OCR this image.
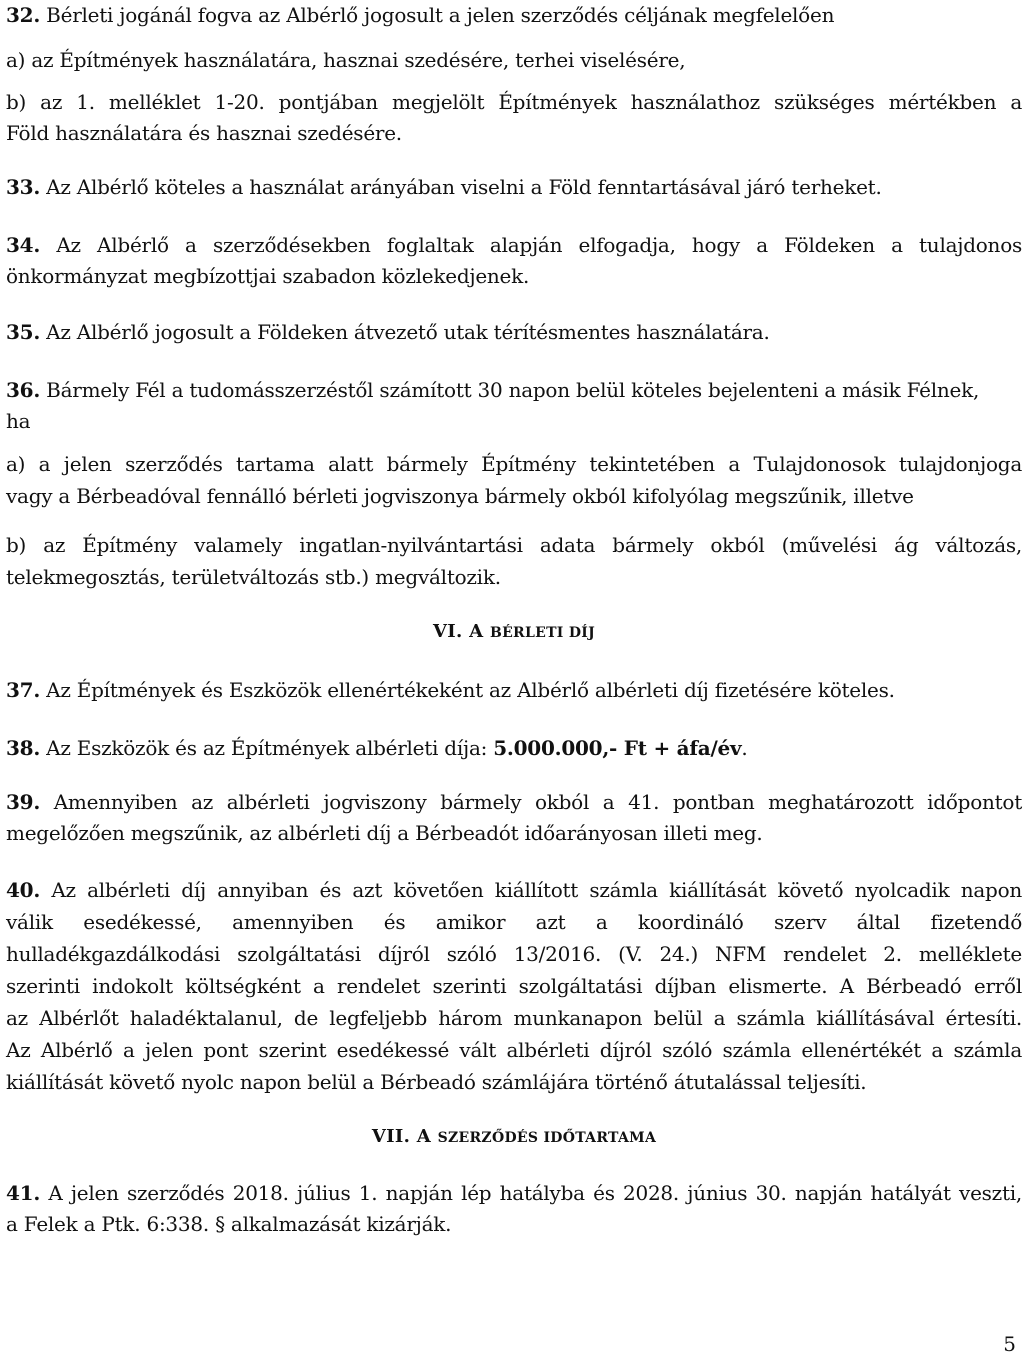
32. Bérleti jogánál fogva az Albérlő jogosult a jelen szerződés céljának megfelelően
a) az Építmények használatára, hasznai szedésére, terhei viselésére,
b) az 1. melléklet 1-20. pontjában megjelölt Építmények használathoz szükséges mértékben a
Föld használatára és hasznai szedésére.
33. Az Albérlő köteles a használat arányában viselni a Föld fenntartásával járó terheket.
34. Az Albérlő a szerződésekben foglaltak alapján elfogadja, hogy a Földeken a tulajdonos
önkormányzat megbízottjai szabadon közlekedjenek.
35. Az Albérlő jogosult a Földeken átvezető utak térítésmentes használatára.
36. Bármely Fél a tudomásszerzéstől számított 30 napon belül köteles bejelenteni a másik Félnek,
ha
a) a jelen szerződés tartama alatt bármely Építmény tekintetében a Tulajdonosok tulajdonjoga
vagy a Bérbeadóval fennálló bérleti jogviszonya bármely okból kifolyólag megszűnik, illetve
b) az Építmény valamely ingatlan-nyilvántartási adata bármely okból (művelési ág változás,
telekmegosztás, területváltozás stb.) megváltozik.
VI. A BÉRLETI DÍJ
37. Az Építmények és Eszközök ellenértékeként az Albérlő albérleti díj fizetésére köteles.
38. Az Eszközök és az Építmények albérleti díja: 5.000.000,- Ft + áfa/év.
39. Amennyiben az albérleti jogviszony bármely okból a 41. pontban meghatározott időpontot
megelőzően megszűnik, az albérleti díj a Bérbeadót időarányosan illeti meg.
40. Az albérleti díj annyiban és azt követően kiállított számla kiállítását követő nyolcadik napon
válik esedékessé, amennyiben és amikor azt a koordináló szerv által fizetendő
hulladékgazdálkodási szolgáltatási díjról szóló 13/2016. (V. 24.) NFM rendelet 2. melléklete
szerinti indokolt költségként a rendelet szerinti szolgáltatási díjban elismerte. A Bérbeadó erről
az Albérlőt haladéktalanul, de legfeljebb három munkanapon belül a számla kiállításával értesíti.
Az Albérlő a jelen pont szerint esedékessé vált albérleti díjról szóló számla ellenértékét a számla
kiállítását követő nyolc napon belül a Bérbeadó számlájára történő átutalással teljesíti.
VII. A SZERZŐDÉS IDŐTARTAMA
41. A jelen szerződés 2018. július 1. napján lép hatályba és 2028. június 30. napján hatályát veszti,
a Felek a Ptk. 6:338. § alkalmazását kizárják.
5
